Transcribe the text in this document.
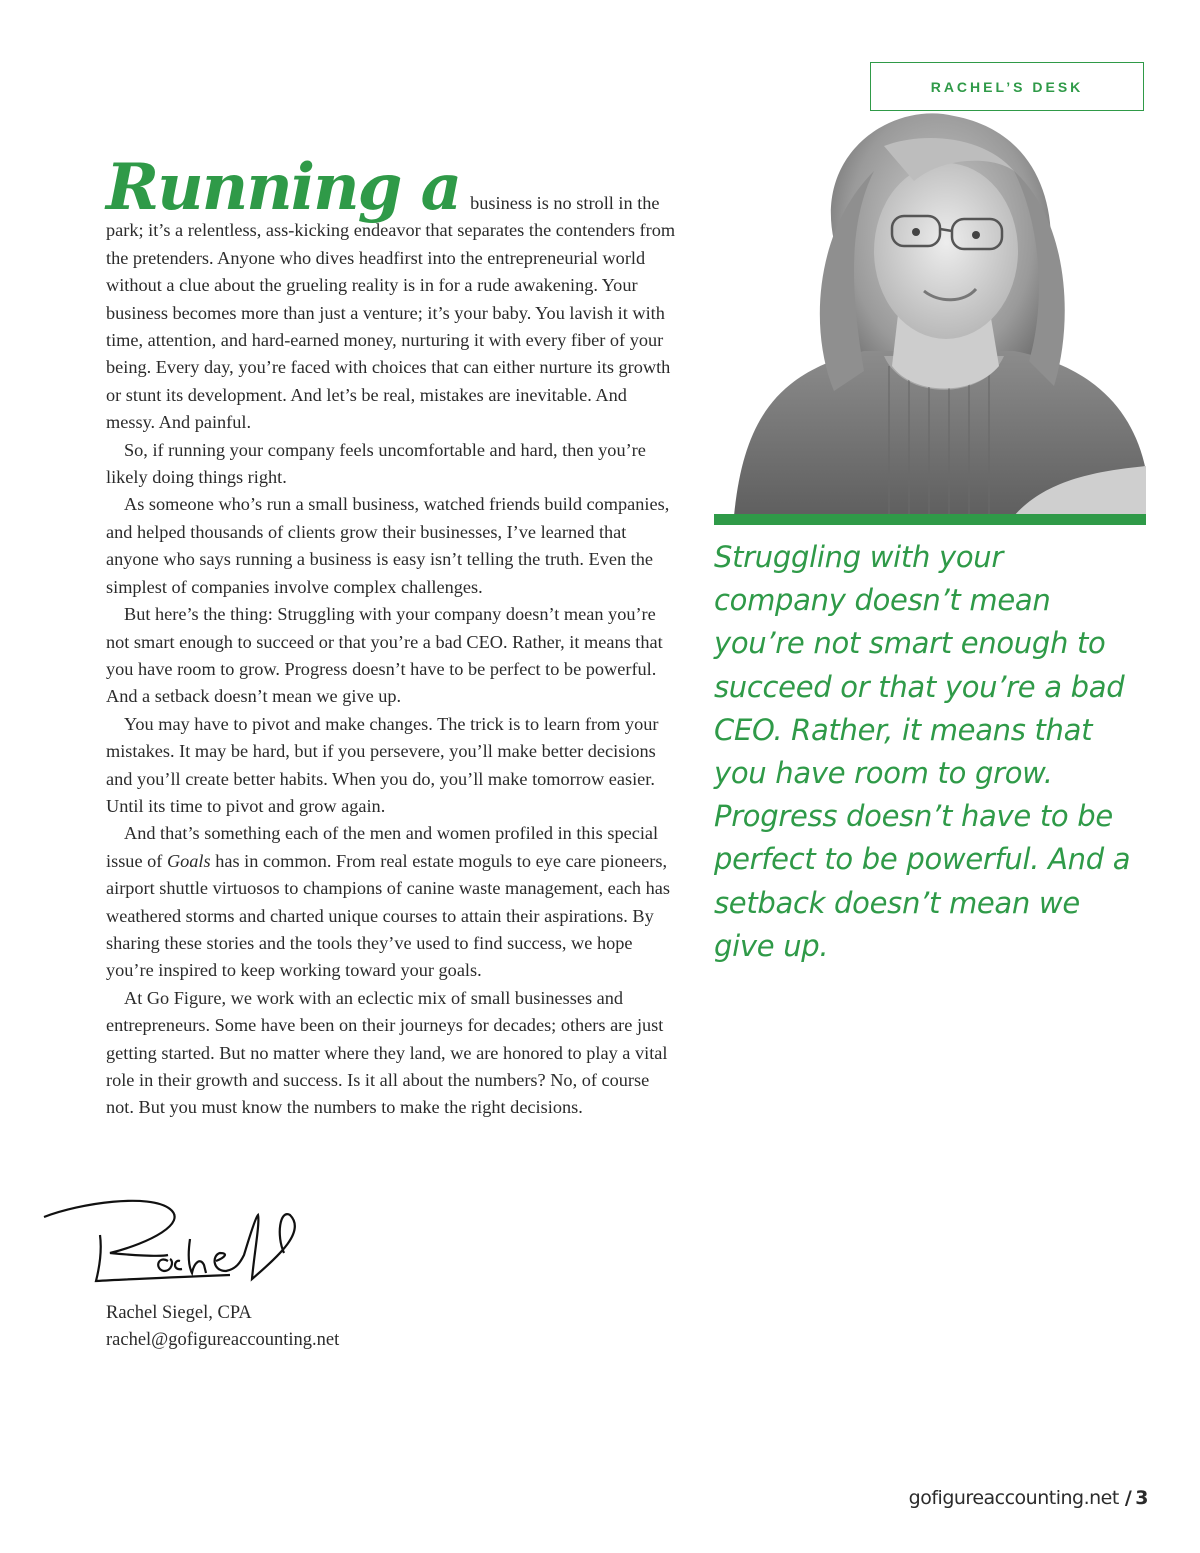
RACHEL’S DESK

Struggling with your company doesn’t mean you’re not smart enough to succeed or that you’re a bad CEO. Rather, it means that you have room to grow. Progress doesn’t have to be perfect to be powerful. And a setback doesn’t mean we give up.

Running a business is no stroll in the park; it’s a relentless, ass-kicking endeavor that separates the contenders from the pretenders. Anyone who dives headfirst into the entrepreneurial world without a clue about the grueling reality is in for a rude awakening. Your business becomes more than just a venture; it’s your baby. You lavish it with time, attention, and hard-earned money, nurturing it with every fiber of your being. Every day, you’re faced with choices that can either nurture its growth or stunt its development. And let’s be real, mistakes are inevitable. And messy. And painful.

So, if running your company feels uncomfortable and hard, then you’re likely doing things right.

As someone who’s run a small business, watched friends build companies, and helped thousands of clients grow their businesses, I’ve learned that anyone who says running a business is easy isn’t telling the truth. Even the simplest of companies involve complex challenges.

But here’s the thing: Struggling with your company doesn’t mean you’re not smart enough to succeed or that you’re a bad CEO. Rather, it means that you have room to grow. Progress doesn’t have to be perfect to be powerful. And a setback doesn’t mean we give up.

You may have to pivot and make changes. The trick is to learn from your mistakes. It may be hard, but if you persevere, you’ll make better decisions and you’ll create better habits. When you do, you’ll make tomorrow easier. Until its time to pivot and grow again.

And that’s something each of the men and women profiled in this special issue of Goals has in common. From real estate moguls to eye care pioneers, airport shuttle virtuosos to champions of canine waste management, each has weathered storms and charted unique courses to attain their aspirations. By sharing these stories and the tools they’ve used to find success, we hope you’re inspired to keep working toward your goals.

At Go Figure, we work with an eclectic mix of small businesses and entrepreneurs. Some have been on their journeys for decades; others are just getting started. But no matter where they land, we are honored to play a vital role in their growth and success. Is it all about the numbers? No, of course not. But you must know the numbers to make the right decisions.

Rachel Siegel, CPA
rachel@gofigureaccounting.net
gofigureaccounting.net / 3
